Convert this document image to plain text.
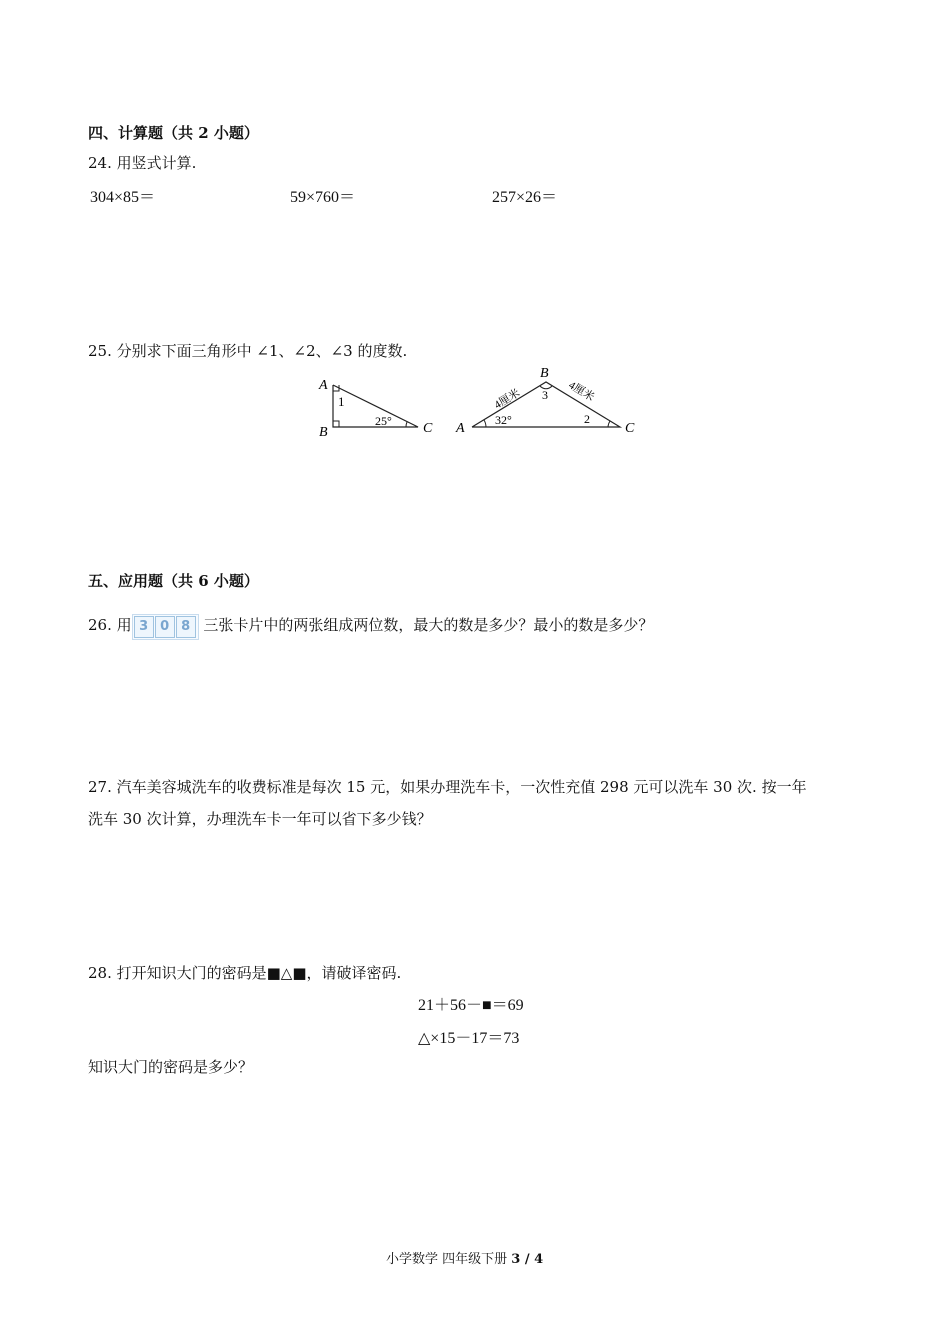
四、计算题（共 2 小题）
24. 用竖式计算.
304×85＝	59×760＝	257×26＝
25. 分别求下面三角形中 ∠1、∠2、∠3 的度数.
A
B	C
1
25°	A
B
C
3
2
32°
4厘米	4厘米
五、应用题（共 6 小题）
26. 用 3 0 8 三张卡片中的两张组成两位数，最大的数是多少？最小的数是多少？
27. 汽车美容城洗车的收费标准是每次 15 元，如果办理洗车卡，一次性充值 298 元可以洗车 30 次. 按一年
洗车 30 次计算，办理洗车卡一年可以省下多少钱？
28. 打开知识大门的密码是■△■，请破译密码.
21＋56－■＝69
△×15－17＝73
知识大门的密码是多少？
小学数学 四年级下册 3 / 4
